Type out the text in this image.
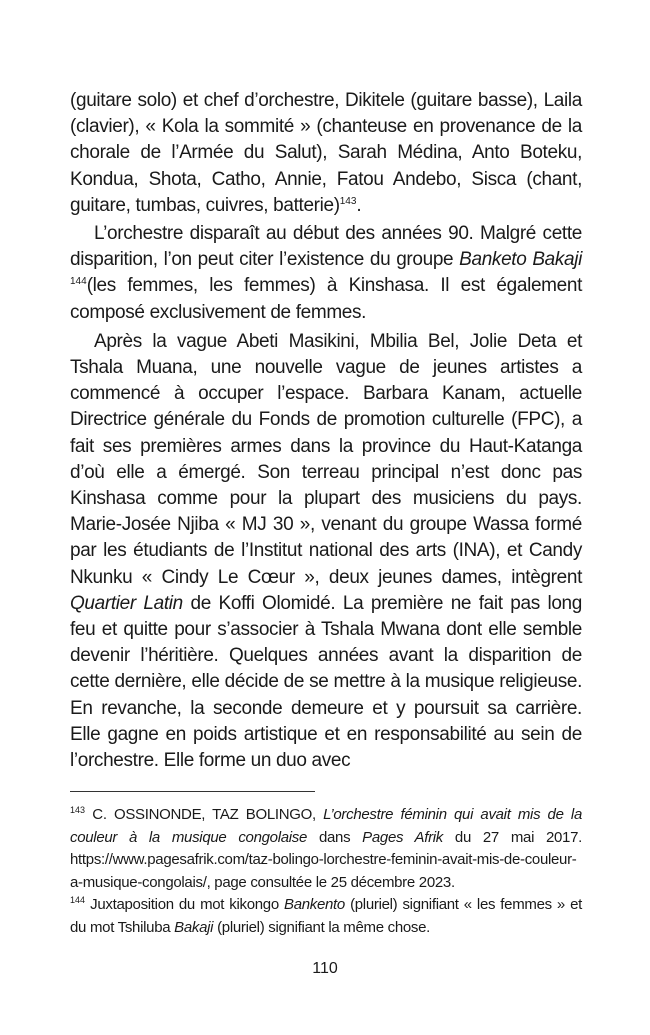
(guitare solo) et chef d’orchestre, Dikitele (guitare basse), Laila (clavier), « Kola la sommité » (chanteuse en provenance de la chorale de l’Armée du Salut), Sarah Médina, Anto Boteku, Kondua, Shota, Catho, Annie, Fatou Andebo, Sisca (chant, guitare, tumbas, cuivres, batterie)$^{143}$.

L’orchestre disparaît au début des années 90. Malgré cette disparition, l’on peut citer l’existence du groupe Banketo Bakaji $^{144}$(les femmes, les femmes) à Kinshasa. Il est également composé exclusivement de femmes.

Après la vague Abeti Masikini, Mbilia Bel, Jolie Deta et Tshala Muana, une nouvelle vague de jeunes artistes a commencé à occuper l’espace. Barbara Kanam, actuelle Directrice générale du Fonds de promotion culturelle (FPC), a fait ses premières armes dans la province du Haut-Katanga d’où elle a émergé. Son terreau principal n’est donc pas Kinshasa comme pour la plupart des musiciens du pays. Marie-Josée Njiba « MJ 30 », venant du groupe Wassa formé par les étudiants de l’Institut national des arts (INA), et Candy Nkunku « Cindy Le Cœur », deux jeunes dames, intègrent Quartier Latin de Koffi Olomidé. La première ne fait pas long feu et quitte pour s’associer à Tshala Mwana dont elle semble devenir l’héritière. Quelques années avant la disparition de cette dernière, elle décide de se mettre à la musique religieuse. En revanche, la seconde demeure et y poursuit sa carrière. Elle gagne en poids artistique et en responsabilité au sein de l’orchestre. Elle forme un duo avec

$^{143}$ C. OSSINONDE, TAZ BOLINGO, L’orchestre féminin qui avait mis de la couleur à la musique congolaise dans Pages Afrik du 27 mai 2017. https://www.pagesafrik.com/taz-bolingo-lorchestre-feminin-avait-mis-de-couleur-a-musique-congolais/, page consultée le 25 décembre 2023.

$^{144}$ Juxtaposition du mot kikongo Bankento (pluriel) signifiant « les femmes » et du mot Tshiluba Bakaji (pluriel) signifiant la même chose.

110
